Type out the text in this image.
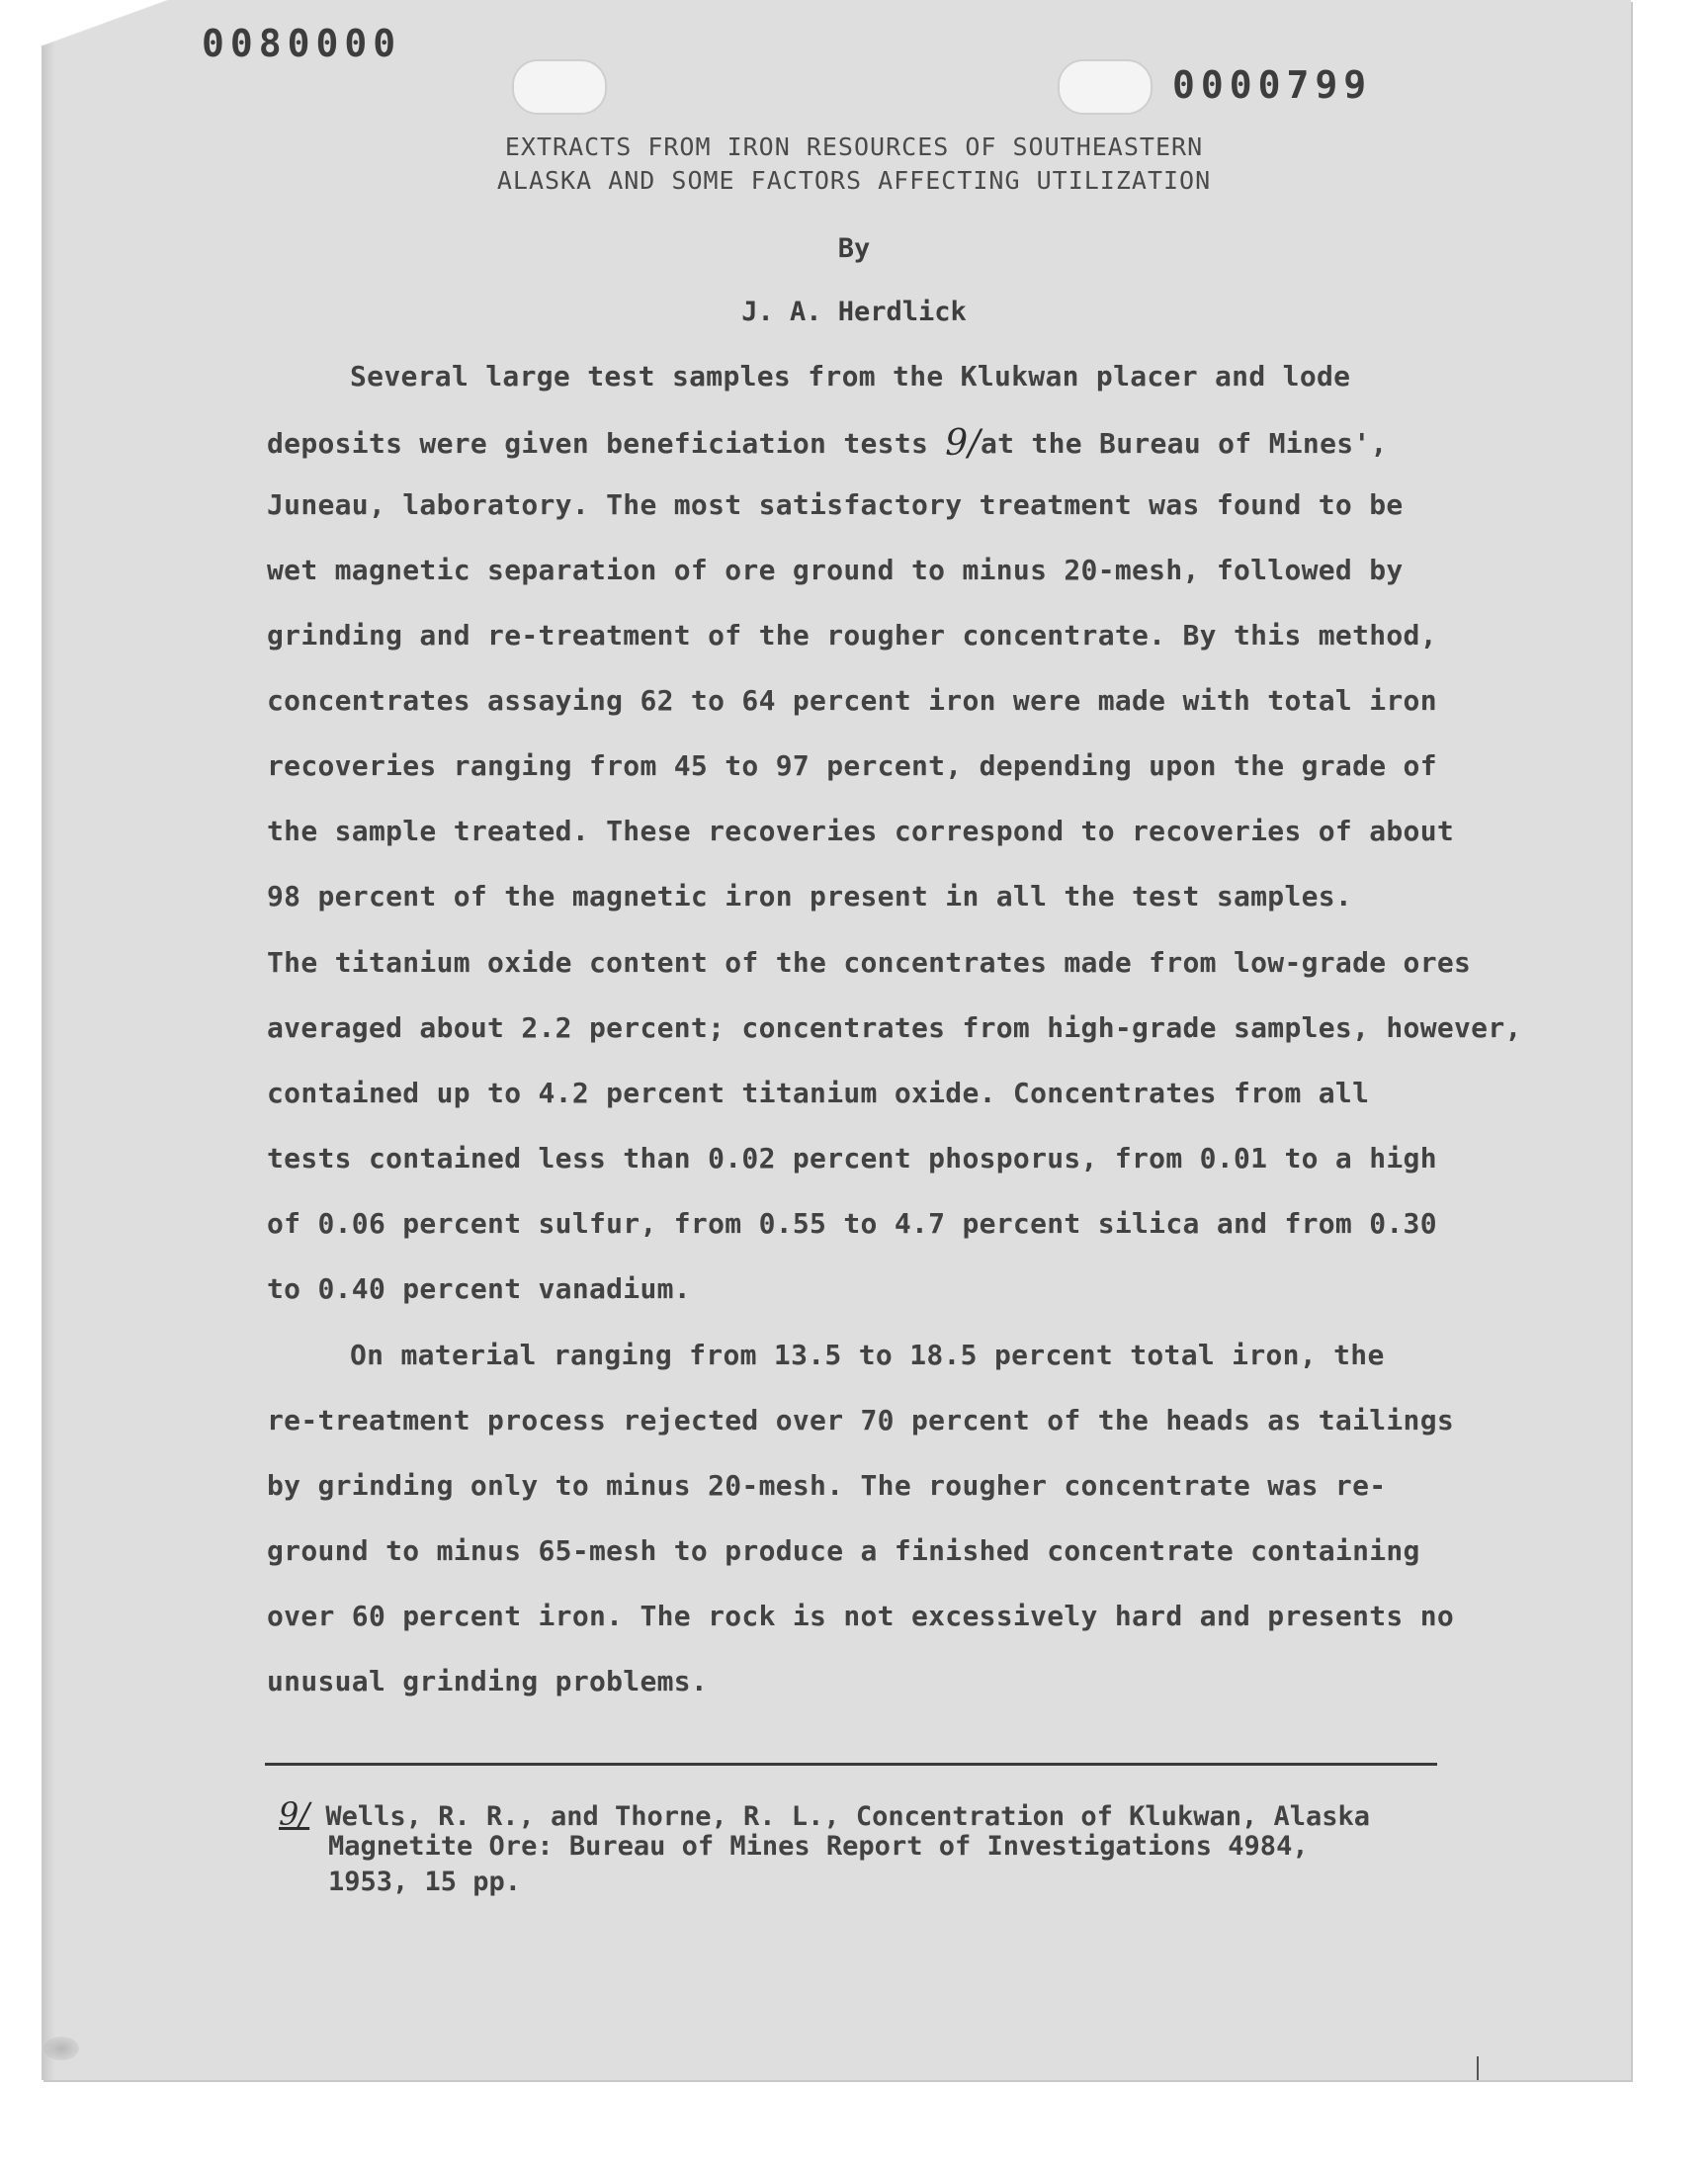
0080000
0000799
EXTRACTS FROM IRON RESOURCES OF SOUTHEASTERN
ALASKA AND SOME FACTORS AFFECTING UTILIZATION
By
J. A. Herdlick
Several large test samples from the Klukwan placer and lode
deposits were given beneficiation tests 9/at the Bureau of Mines',
Juneau, laboratory. The most satisfactory treatment was found to be
wet magnetic separation of ore ground to minus 20-mesh, followed by
grinding and re-treatment of the rougher concentrate. By this method,
concentrates assaying 62 to 64 percent iron were made with total iron
recoveries ranging from 45 to 97 percent, depending upon the grade of
the sample treated. These recoveries correspond to recoveries of about
98 percent of the magnetic iron present in all the test samples.
The titanium oxide content of the concentrates made from low-grade ores
averaged about 2.2 percent; concentrates from high-grade samples, however,
contained up to 4.2 percent titanium oxide. Concentrates from all
tests contained less than 0.02 percent phosporus, from 0.01 to a high
of 0.06 percent sulfur, from 0.55 to 4.7 percent silica and from 0.30
to 0.40 percent vanadium.
On material ranging from 13.5 to 18.5 percent total iron, the
re-treatment process rejected over 70 percent of the heads as tailings
by grinding only to minus 20-mesh. The rougher concentrate was re-
ground to minus 65-mesh to produce a finished concentrate containing
over 60 percent iron. The rock is not excessively hard and presents no
unusual grinding problems.
9/ Wells, R. R., and Thorne, R. L., Concentration of Klukwan, Alaska
Magnetite Ore: Bureau of Mines Report of Investigations 4984,
1953, 15 pp.
